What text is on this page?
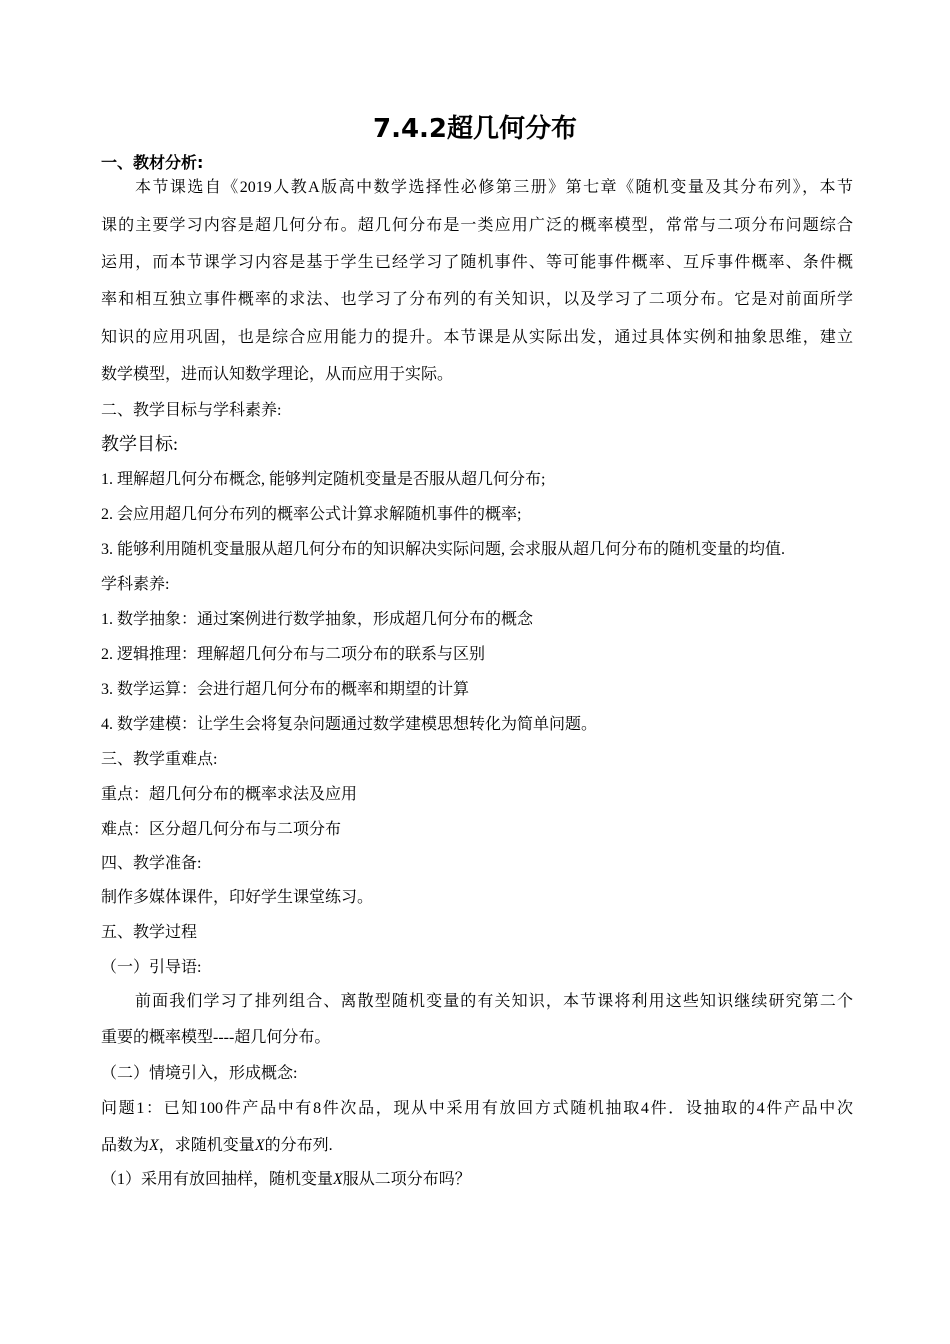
7.4.2超几何分布
一、教材分析:
本节课选自《2019人教A版高中数学选择性必修第三册》第七章《随机变量及其分布列》，本节
课的主要学习内容是超几何分布。超几何分布是一类应用广泛的概率模型，常常与二项分布问题综合
运用，而本节课学习内容是基于学生已经学习了随机事件、等可能事件概率、互斥事件概率、条件概
率和相互独立事件概率的求法、也学习了分布列的有关知识，以及学习了二项分布。它是对前面所学
知识的应用巩固，也是综合应用能力的提升。本节课是从实际出发，通过具体实例和抽象思维，建立
数学模型，进而认知数学理论，从而应用于实际。
二、教学目标与学科素养:
教学目标:
1. 理解超几何分布概念, 能够判定随机变量是否服从超几何分布;
2. 会应用超几何分布列的概率公式计算求解随机事件的概率;
3. 能够利用随机变量服从超几何分布的知识解决实际问题, 会求服从超几何分布的随机变量的均值.
学科素养:
1. 数学抽象：通过案例进行数学抽象，形成超几何分布的概念
2. 逻辑推理：理解超几何分布与二项分布的联系与区别
3. 数学运算：会进行超几何分布的概率和期望的计算
4. 数学建模：让学生会将复杂问题通过数学建模思想转化为简单问题。
三、教学重难点:
重点：超几何分布的概率求法及应用
难点：区分超几何分布与二项分布
四、教学准备:
制作多媒体课件，印好学生课堂练习。
五、教学过程
（一）引导语:
前面我们学习了排列组合、离散型随机变量的有关知识，本节课将利用这些知识继续研究第二个
重要的概率模型----超几何分布。
（二）情境引入，形成概念:
问题1：已知100件产品中有8件次品，现从中采用有放回方式随机抽取4件．设抽取的4件产品中次
品数为X，求随机变量X的分布列.
（1）采用有放回抽样，随机变量X服从二项分布吗？
